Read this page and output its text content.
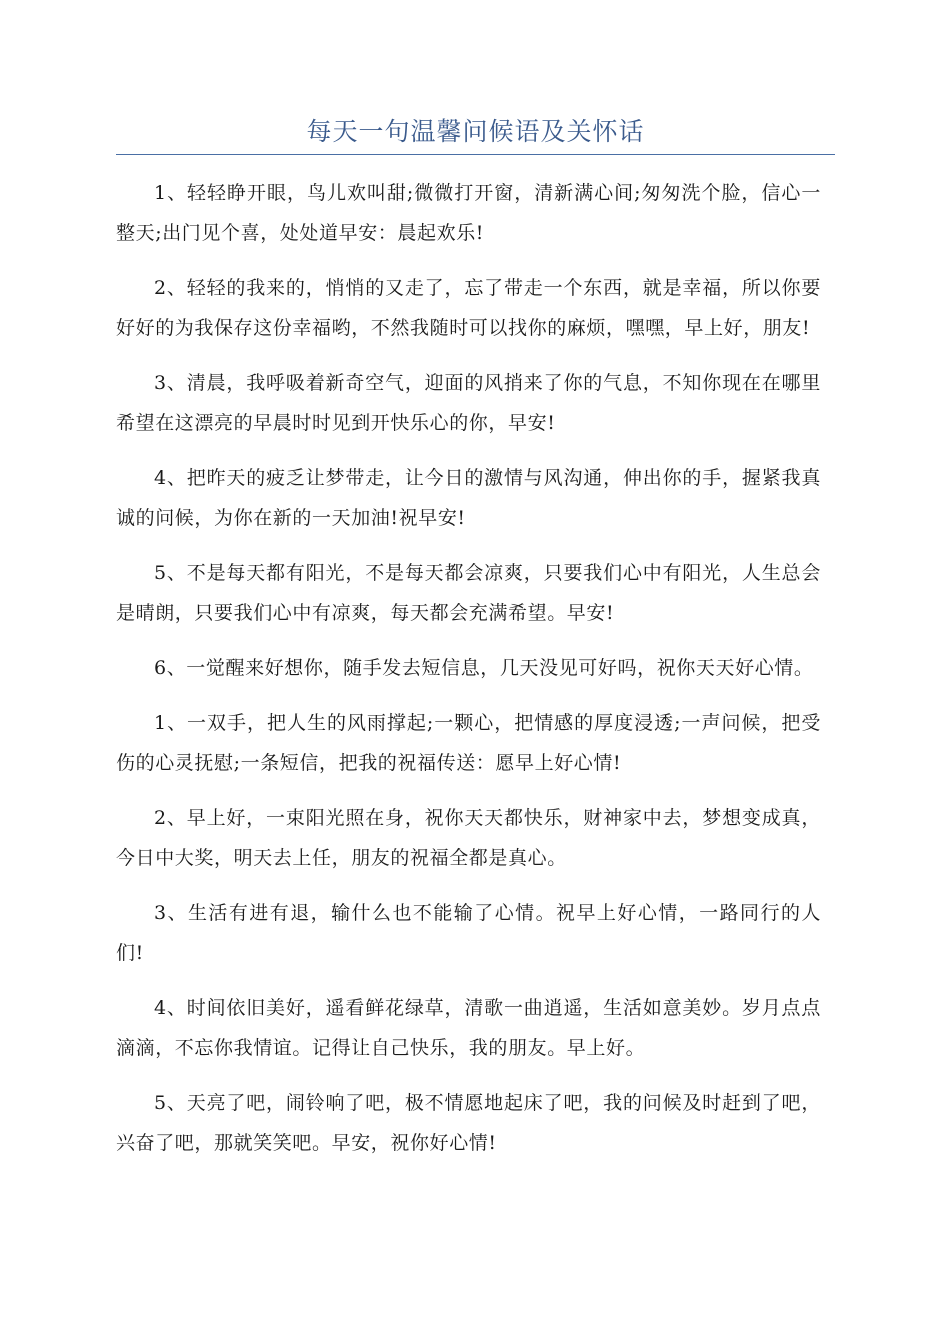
每天一句温馨问候语及关怀话

1、轻轻睁开眼，鸟儿欢叫甜;微微打开窗，清新满心间;匆匆洗个脸，信心一整天;出门见个喜，处处道早安：晨起欢乐!

2、轻轻的我来的，悄悄的又走了，忘了带走一个东西，就是幸福，所以你要好好的为我保存这份幸福哟，不然我随时可以找你的麻烦，嘿嘿，早上好，朋友!

3、清晨，我呼吸着新奇空气，迎面的风捎来了你的气息，不知你现在在哪里希望在这漂亮的早晨时时见到开快乐心的你，早安!

4、把昨天的疲乏让梦带走，让今日的激情与风沟通，伸出你的手，握紧我真诚的问候，为你在新的一天加油!祝早安!

5、不是每天都有阳光，不是每天都会凉爽，只要我们心中有阳光，人生总会是晴朗，只要我们心中有凉爽，每天都会充满希望。早安!

6、一觉醒来好想你，随手发去短信息，几天没见可好吗，祝你天天好心情。

1、一双手，把人生的风雨撑起;一颗心，把情感的厚度浸透;一声问候，把受伤的心灵抚慰;一条短信，把我的祝福传送：愿早上好心情!

2、早上好，一束阳光照在身，祝你天天都快乐，财神家中去，梦想变成真，今日中大奖，明天去上任，朋友的祝福全都是真心。

3、生活有进有退，输什么也不能输了心情。祝早上好心情，一路同行的人们!

4、时间依旧美好，遥看鲜花绿草，清歌一曲逍遥，生活如意美妙。岁月点点滴滴，不忘你我情谊。记得让自己快乐，我的朋友。早上好。

5、天亮了吧，闹铃响了吧，极不情愿地起床了吧，我的问候及时赶到了吧，兴奋了吧，那就笑笑吧。早安，祝你好心情!
